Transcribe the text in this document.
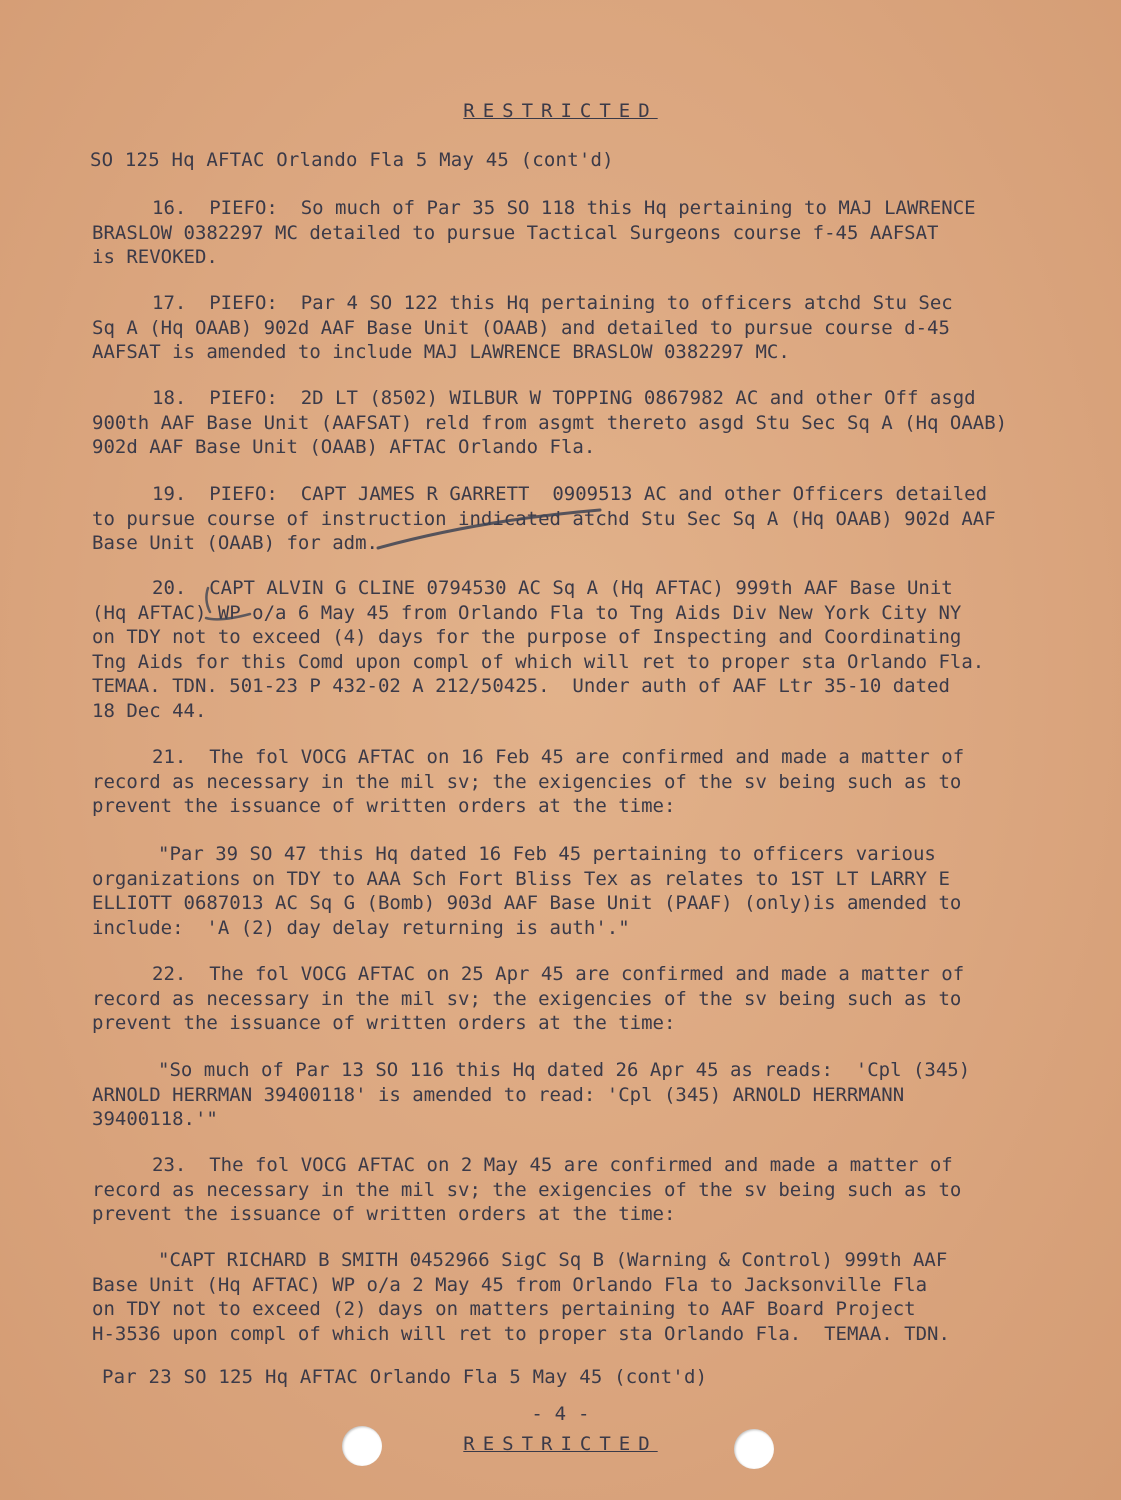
RESTRICTED
SO 125 Hq AFTAC Orlando Fla 5 May 45 (cont'd)
16.  PIEFO:  So much of Par 35 SO 118 this Hq pertaining to MAJ LAWRENCE
BRASLOW 0382297 MC detailed to pursue Tactical Surgeons course f-45 AAFSAT
is REVOKED.
17.  PIEFO:  Par 4 SO 122 this Hq pertaining to officers atchd Stu Sec
Sq A (Hq OAAB) 902d AAF Base Unit (OAAB) and detailed to pursue course d-45
AAFSAT is amended to include MAJ LAWRENCE BRASLOW 0382297 MC.
18.  PIEFO:  2D LT (8502) WILBUR W TOPPING 0867982 AC and other Off asgd
900th AAF Base Unit (AAFSAT) reld from asgmt thereto asgd Stu Sec Sq A (Hq OAAB)
902d AAF Base Unit (OAAB) AFTAC Orlando Fla.
19.  PIEFO:  CAPT JAMES R GARRETT  0909513 AC and other Officers detailed
to pursue course of instruction indicated atchd Stu Sec Sq A (Hq OAAB) 902d AAF
Base Unit (OAAB) for adm.
20.  CAPT ALVIN G CLINE 0794530 AC Sq A (Hq AFTAC) 999th AAF Base Unit
(Hq AFTAC) WP o/a 6 May 45 from Orlando Fla to Tng Aids Div New York City NY
on TDY not to exceed (4) days for the purpose of Inspecting and Coordinating
Tng Aids for this Comd upon compl of which will ret to proper sta Orlando Fla.
TEMAA. TDN. 501-23 P 432-02 A 212/50425.  Under auth of AAF Ltr 35-10 dated
18 Dec 44.
21.  The fol VOCG AFTAC on 16 Feb 45 are confirmed and made a matter of
record as necessary in the mil sv; the exigencies of the sv being such as to
prevent the issuance of written orders at the time:
"Par 39 SO 47 this Hq dated 16 Feb 45 pertaining to officers various
organizations on TDY to AAA Sch Fort Bliss Tex as relates to 1ST LT LARRY E
ELLIOTT 0687013 AC Sq G (Bomb) 903d AAF Base Unit (PAAF) (only)is amended to
include:  'A (2) day delay returning is auth'."
22.  The fol VOCG AFTAC on 25 Apr 45 are confirmed and made a matter of
record as necessary in the mil sv; the exigencies of the sv being such as to
prevent the issuance of written orders at the time:
"So much of Par 13 SO 116 this Hq dated 26 Apr 45 as reads:  'Cpl (345)
ARNOLD HERRMAN 39400118' is amended to read: 'Cpl (345) ARNOLD HERRMANN
39400118.'"
23.  The fol VOCG AFTAC on 2 May 45 are confirmed and made a matter of
record as necessary in the mil sv; the exigencies of the sv being such as to
prevent the issuance of written orders at the time:
"CAPT RICHARD B SMITH 0452966 SigC Sq B (Warning & Control) 999th AAF
Base Unit (Hq AFTAC) WP o/a 2 May 45 from Orlando Fla to Jacksonville Fla
on TDY not to exceed (2) days on matters pertaining to AAF Board Project
H-3536 upon compl of which will ret to proper sta Orlando Fla.  TEMAA. TDN.
Par 23 SO 125 Hq AFTAC Orlando Fla 5 May 45 (cont'd)
- 4 -
RESTRICTED
